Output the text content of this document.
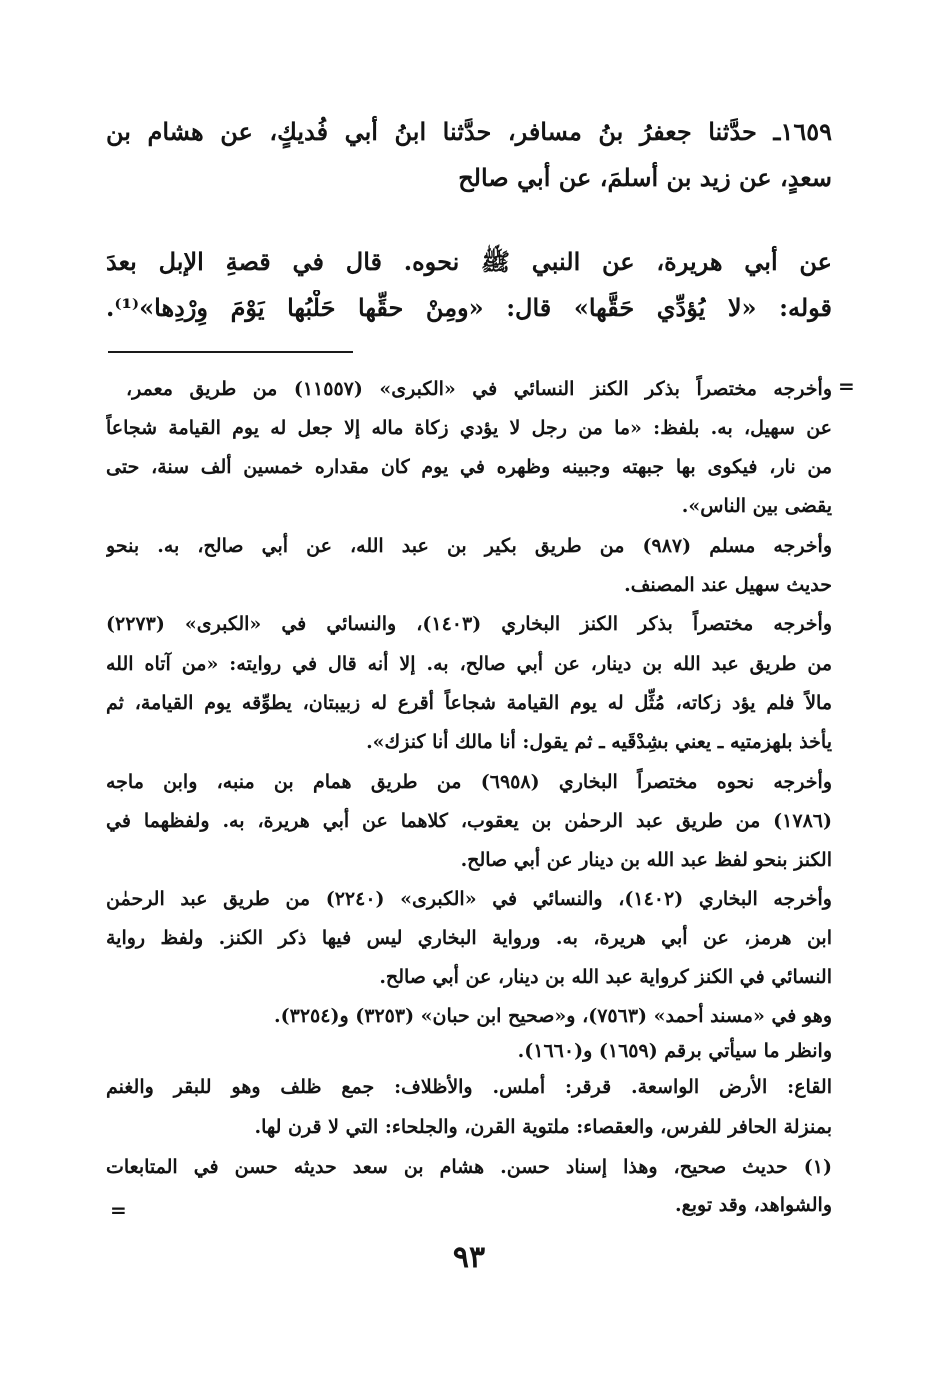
١٦٥٩ـ حدَّثنا جعفرُ بنُ مسافر، حدَّثنا ابنُ أبي فُديكٍ، عن هشام بن
سعدٍ، عن زيد بن أسلمَ، عن أبي صالح
عن أبي هريرة، عن النبي ﷺ نحوه. قال في قصةِ الإبل بعدَ
قوله: «لا يُؤدِّي حَقَّها» قال: «ومِنْ حقِّها حَلْبُها يَوْمَ وِرْدِها»⁽¹⁾.
=
وأخرجه مختصراً بذكر الكنز النسائي في «الكبرى» (١١٥٥٧) من طريق معمر،
عن سهيل، به. بلفظ: «ما من رجل لا يؤدي زكاة ماله إلا جعل له يوم القيامة شجاعاً
من نار، فيكوى بها جبهته وجبينه وظهره في يوم كان مقداره خمسين ألف سنة، حتى
يقضى بين الناس».
وأخرجه مسلم (٩٨٧) من طريق بكير بن عبد الله، عن أبي صالح، به. بنحو
حديث سهيل عند المصنف.
وأخرجه مختصراً بذكر الكنز البخاري (١٤٠٣)، والنسائي في «الكبرى» (٢٢٧٣)
من طريق عبد الله بن دينار، عن أبي صالح، به. إلا أنه قال في روايته: «من آتاه الله
مالاً فلم يؤد زكاته، مُثِّل له يوم القيامة شجاعاً أقرع له زبيبتان، يطوِّقه يوم القيامة، ثم
يأخذ بلهزمتيه ـ يعني بشِدْقَيه ـ ثم يقول: أنا مالك أنا كنزك».
وأخرجه نحوه مختصراً البخاري (٦٩٥٨) من طريق همام بن منبه، وابن ماجه
(١٧٨٦) من طريق عبد الرحمٰن بن يعقوب، كلاهما عن أبي هريرة، به. ولفظهما في
الكنز بنحو لفظ عبد الله بن دينار عن أبي صالح.
وأخرجه البخاري (١٤٠٢)، والنسائي في «الكبرى» (٢٢٤٠) من طريق عبد الرحمٰن
ابن هرمز، عن أبي هريرة، به. ورواية البخاري ليس فيها ذكر الكنز. ولفظ رواية
النسائي في الكنز كرواية عبد الله بن دينار، عن أبي صالح.
وهو في «مسند أحمد» (٧٥٦٣)، و«صحيح ابن حبان» (٣٢٥٣) و(٣٢٥٤).
وانظر ما سيأتي برقم (١٦٥٩) و(١٦٦٠).
القاع: الأرض الواسعة. قرقر: أملس. والأظلاف: جمع ظلف وهو للبقر والغنم
بمنزلة الحافر للفرس، والعقصاء: ملتوية القرن، والجلحاء: التي لا قرن لها.
(١) حديث صحيح، وهذا إسناد حسن. هشام بن سعد حديثه حسن في المتابعات
والشواهد، وقد توبع.
=
٩٣
